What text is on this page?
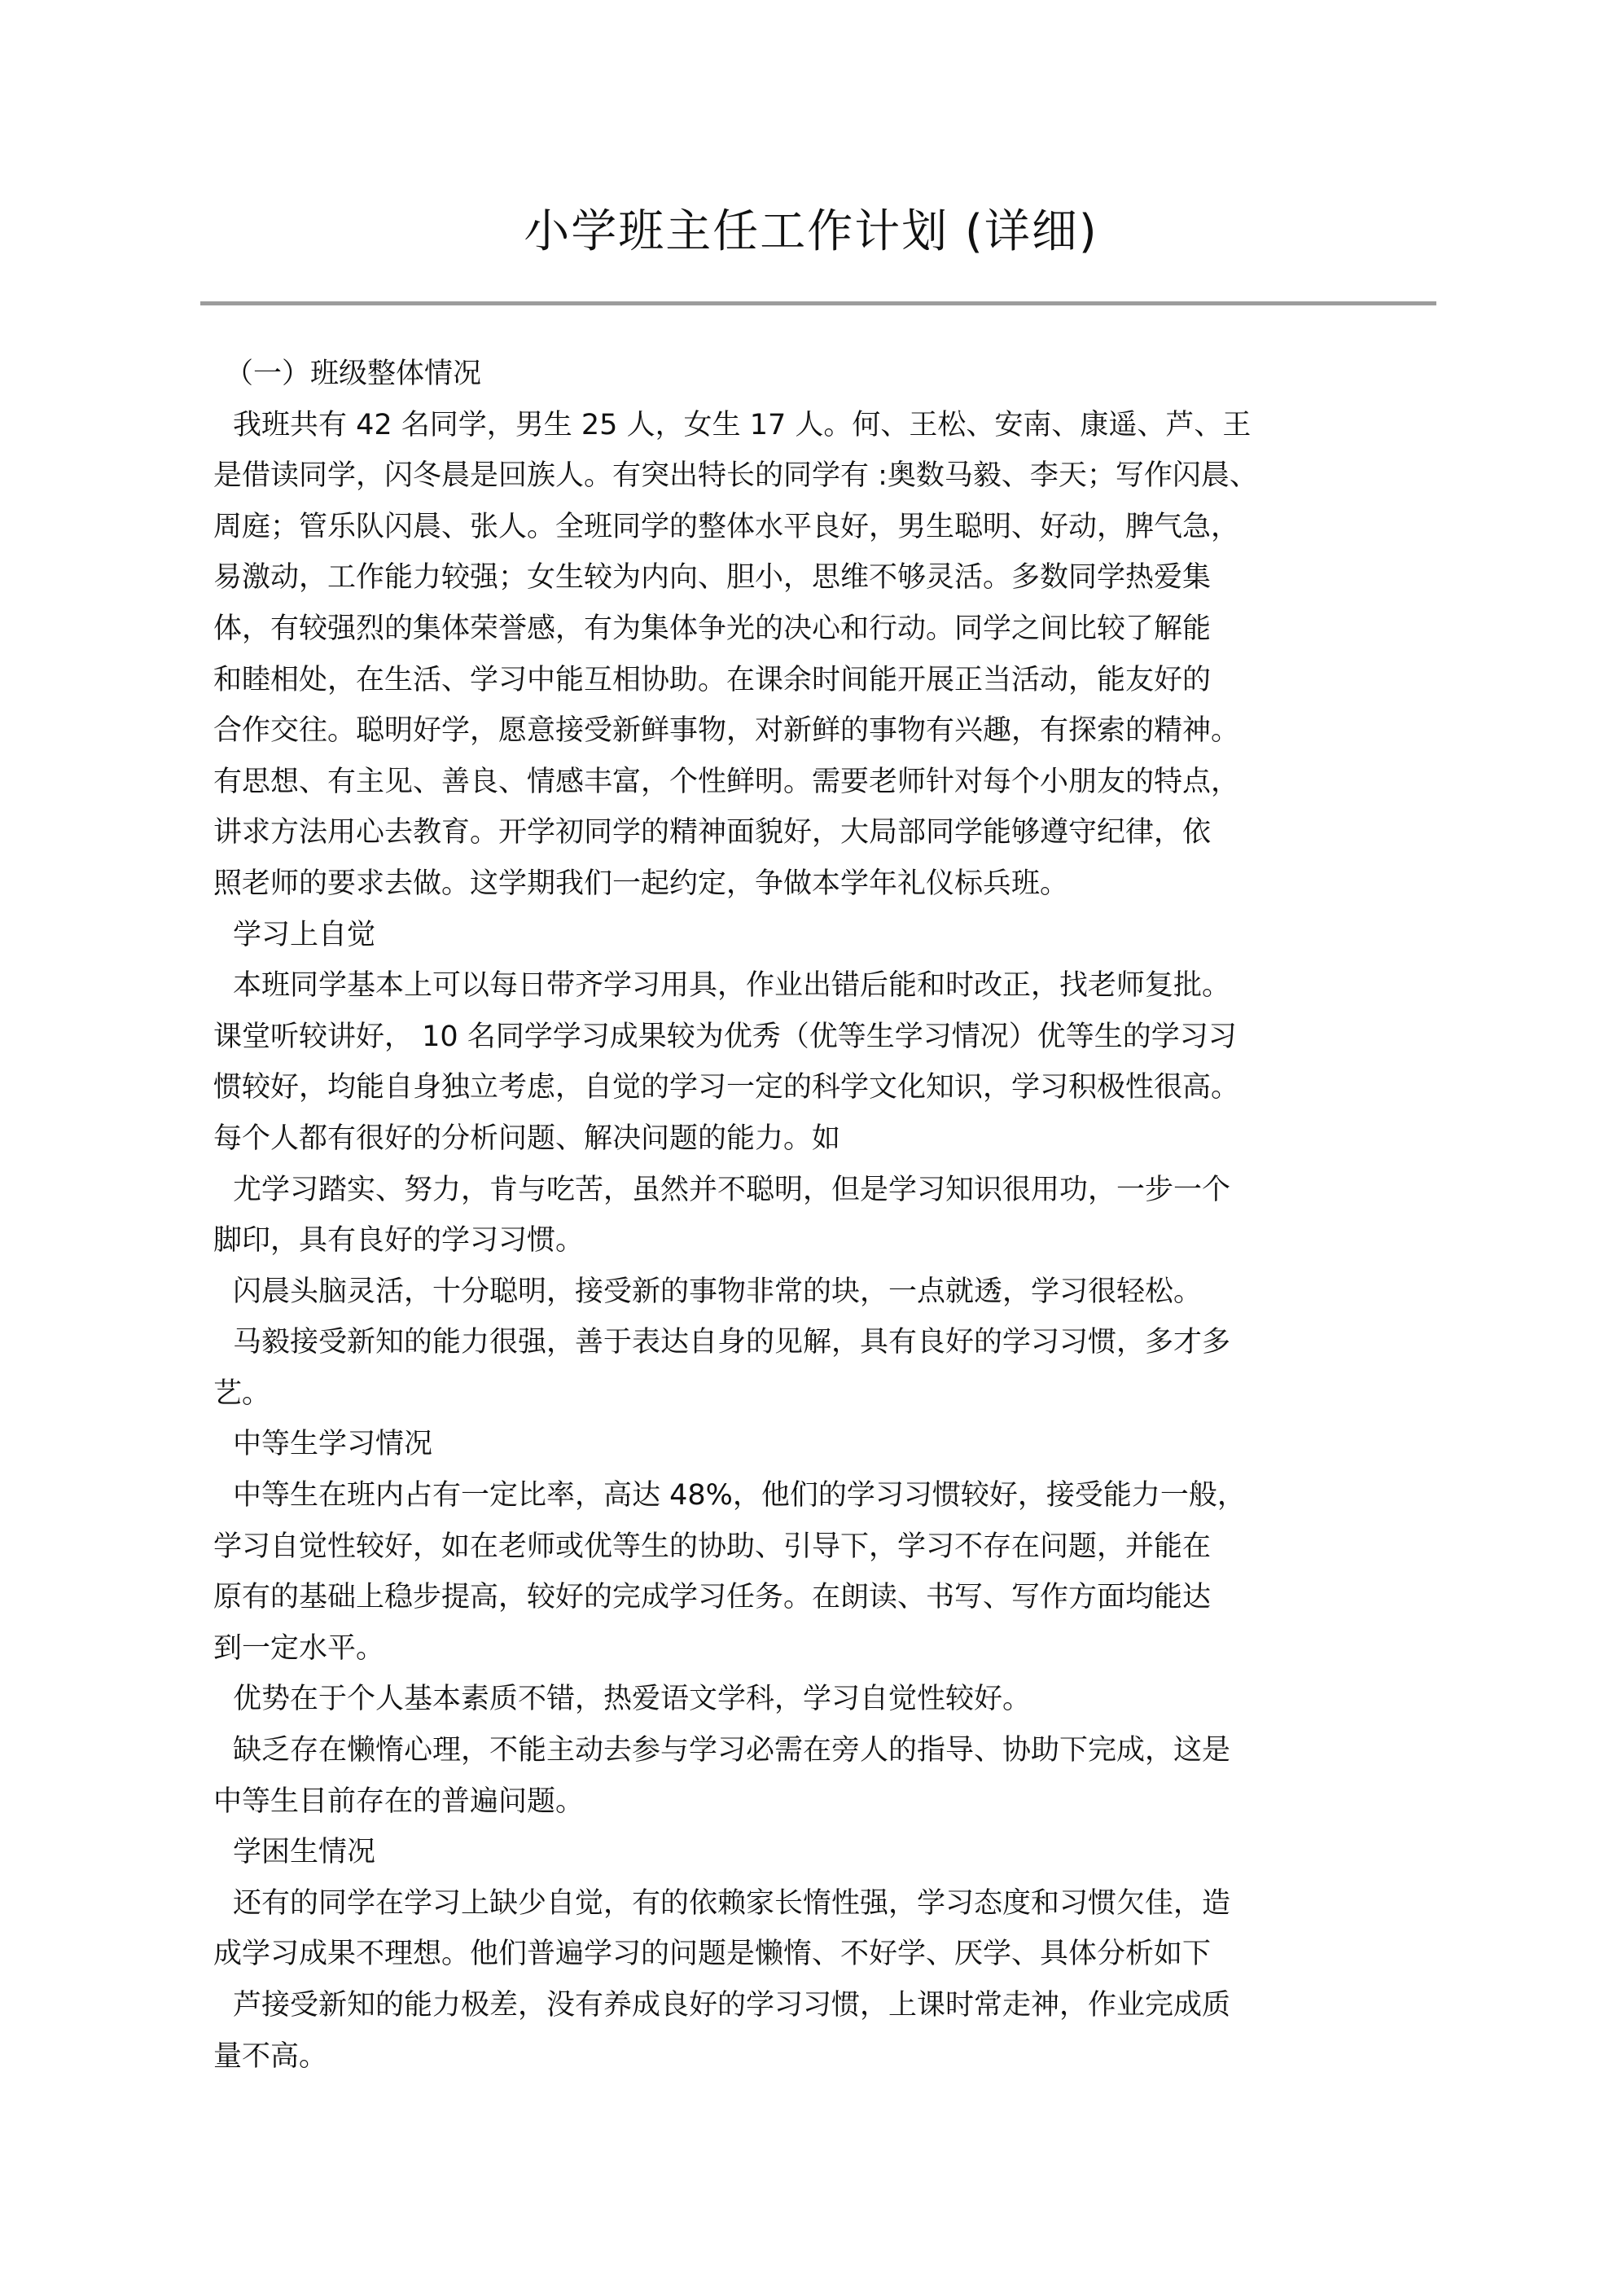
小学班主任工作计划 (详细)
（一）班级整体情况
我班共有 42 名同学，男生 25 人，女生 17 人。何、王松、安南、康遥、芦、王
是借读同学，闪冬晨是回族人。有突出特长的同学有 :奥数马毅、李天；写作闪晨、
周庭；管乐队闪晨、张人。全班同学的整体水平良好，男生聪明、好动，脾气急，
易激动，工作能力较强；女生较为内向、胆小，思维不够灵活。多数同学热爱集
体，有较强烈的集体荣誉感，有为集体争光的决心和行动。同学之间比较了解能
和睦相处，在生活、学习中能互相协助。在课余时间能开展正当活动，能友好的
合作交往。聪明好学，愿意接受新鲜事物，对新鲜的事物有兴趣，有探索的精神。
有思想、有主见、善良、情感丰富，个性鲜明。需要老师针对每个小朋友的特点，
讲求方法用心去教育。开学初同学的精神面貌好，大局部同学能够遵守纪律，依
照老师的要求去做。这学期我们一起约定，争做本学年礼仪标兵班。
学习上自觉
本班同学基本上可以每日带齐学习用具，作业出错后能和时改正，找老师复批。
课堂听较讲好， 10 名同学学习成果较为优秀（优等生学习情况）优等生的学习习
惯较好，均能自身独立考虑，自觉的学习一定的科学文化知识，学习积极性很高。
每个人都有很好的分析问题、解决问题的能力。如
尤学习踏实、努力，肯与吃苦，虽然并不聪明，但是学习知识很用功，一步一个
脚印，具有良好的学习习惯。
闪晨头脑灵活，十分聪明，接受新的事物非常的块，一点就透，学习很轻松。
马毅接受新知的能力很强，善于表达自身的见解，具有良好的学习习惯，多才多
艺。
中等生学习情况
中等生在班内占有一定比率，高达 48%，他们的学习习惯较好，接受能力一般，
学习自觉性较好，如在老师或优等生的协助、引导下，学习不存在问题，并能在
原有的基础上稳步提高，较好的完成学习任务。在朗读、书写、写作方面均能达
到一定水平。
优势在于个人基本素质不错，热爱语文学科，学习自觉性较好。
缺乏存在懒惰心理，不能主动去参与学习必需在旁人的指导、协助下完成，这是
中等生目前存在的普遍问题。
学困生情况
还有的同学在学习上缺少自觉，有的依赖家长惰性强，学习态度和习惯欠佳，造
成学习成果不理想。他们普遍学习的问题是懒惰、不好学、厌学、具体分析如下
芦接受新知的能力极差，没有养成良好的学习习惯，上课时常走神，作业完成质
量不高。
